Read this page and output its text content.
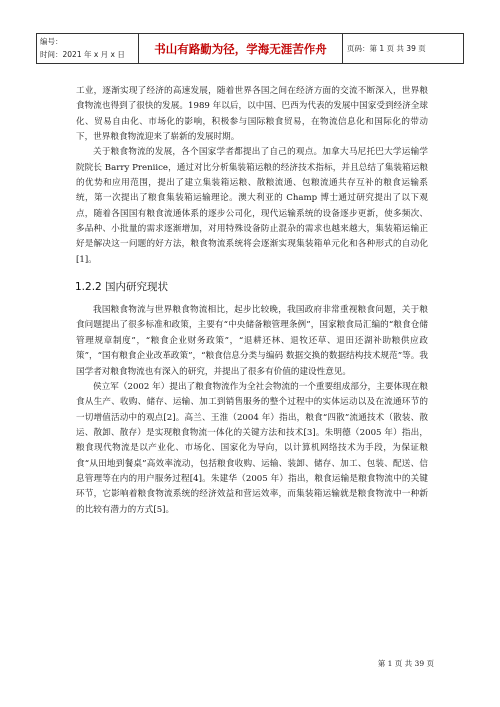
编号：
时间：2021 年 x 月 x 日	书山有路勤为径，学海无涯苦作舟	页码：第 1 页 共 39 页

工业，逐渐实现了经济的高速发展，随着世界各国之间在经济方面的交流不断深入，世界粮食物流也得到了很快的发展。1989 年以后，以中国、巴西为代表的发展中国家受到经济全球化、贸易自由化、市场化的影响，积极参与国际粮食贸易，在物流信息化和国际化的带动下，世界粮食物流迎来了崭新的发展时期。

关于粮食物流的发展，各个国家学者都提出了自己的观点。加拿大马尼托巴大学运输学院院长 Barry Preniice，通过对比分析集装箱运粮的经济技术指标，并且总结了集装箱运粮的优势和应用范围，提出了建立集装箱运粮、散粮流通、包粮流通共存互补的粮食运输系统，第一次提出了粮食集装箱运输理论。澳大利亚的 Champ 博士通过研究提出了以下观点，随着各国国有粮食流通体系的逐步公司化，现代运输系统的设备逐步更新，使多频次、多品种、小批量的需求逐渐增加，对用特殊设备防止混杂的需求也越来越大，集装箱运输正好是解决这一问题的好方法，粮食物流系统将会逐渐实现集装箱单元化和各种形式的自动化[1]。

1.2.2 国内研究现状

我国粮食物流与世界粮食物流相比，起步比较晚，我国政府非常重视粮食问题，关于粮食问题提出了很多标准和政策，主要有“中央储备粮管理条例”，国家粮食局汇编的“粮食仓储管理规章制度”，“粮食企业财务政策”，“退耕还林、退牧还草、退田还湖补助粮供应政策”，“国有粮食企业改革政策”，“粮食信息分类与编码 数据交换的数据结构技术规范”等。我国学者对粮食物流也有深入的研究，并提出了很多有价值的建设性意见。

侯立军（2002 年）提出了粮食物流作为全社会物流的一个重要组成部分，主要体现在粮食从生产、收购、储存、运输、加工到销售服务的整个过程中的实体运动以及在流通环节的一切增值活动中的观点[2]。高兰、王淮（2004 年）指出，粮食“四散”流通技术（散装、散运、散卸、散存）是实现粮食物流一体化的关键方法和技术[3]。朱明德（2005 年）指出，粮食现代物流是以产业化、市场化、国家化为导向，以计算机网络技术为手段，为保证粮食“从田地到餐桌”高效率流动，包括粮食收购、运输、装卸、储存、加工、包装、配送、信息管理等在内的用户服务过程[4]。朱建华（2005 年）指出，粮食运输是粮食物流中的关键环节，它影响着粮食物流系统的经济效益和营运效率，而集装箱运输就是粮食物流中一种新的比较有潜力的方式[5]。

第 1 页 共 39 页
